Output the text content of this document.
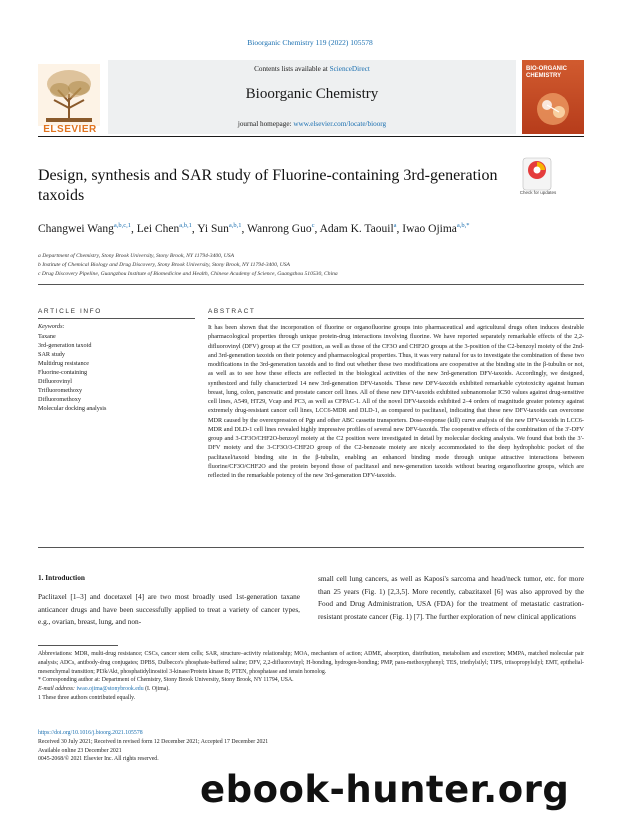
Bioorganic Chemistry 119 (2022) 105578
ELSEVIER
Contents lists available at ScienceDirect
Bioorganic Chemistry
journal homepage: www.elsevier.com/locate/bioorg
BIO-ORGANIC CHEMISTRY
Design, synthesis and SAR study of Fluorine-containing 3rd-generation taxoids	Check for updates
Changwei Wang$^{a,b,c,1}$, Lei Chen$^{a,b,1}$, Yi Sun$^{a,b,1}$, Wanrong Guo$^c$, Adam K. Taouil$^a$, Iwao Ojima$^{a,b,*}$
a Department of Chemistry, Stony Brook University, Stony Brook, NY 11794-3400, USA
b Institute of Chemical Biology and Drug Discovery, Stony Brook University, Stony Brook, NY 11794-3400, USA
c Drug Discovery Pipeline, Guangzhou Institute of Biomedicine and Health, Chinese Academy of Science, Guangzhou 510530, China
ARTICLE INFO	ABSTRACT
Keywords:
Taxane
3rd-generation taxoid
SAR study
Multidrug resistance
Fluorine-containing
Difluorovinyl
Trifluoromethoxy
Difluoromethoxy
Molecular docking analysis
It has been shown that the incorporation of fluorine or organofluorine groups into pharmaceutical and agricultural drugs often induces desirable pharmacological properties through unique protein-drug interactions involving fluorine. We have reported separately remarkable effects of the 2,2-difluorovinyl (DFV) group at the C3′ position, as well as those of the CF3O and CHF2O groups at the 3-position of the C2-benzoyl moiety of the 2nd- and 3rd-generation taxoids on their potency and pharmacological properties. Thus, it was very natural for us to investigate the combination of these two modifications in the 3rd-generation taxoids and to find out whether these two modifications are cooperative at the binding site in the β-tubulin or not, as well as to see how these effects are reflected in the biological activities of the new 3rd-generation DFV-taxoids. Accordingly, we designed, synthesized and fully characterized 14 new 3rd-generation DFV-taxoids. These new DFV-taxoids exhibited remarkable cytotoxicity against human breast, lung, colon, pancreatic and prostate cancer cell lines. All of these new DFV-taxoids exhibited subnanomolar IC50 values against drug-sensitive cell lines, A549, HT29, Vcap and PC3, as well as CFPAC-1. All of the novel DFV-taxoids exhibited 2–4 orders of magnitude greater potency against extremely drug-resistant cancer cell lines, LCC6-MDR and DLD-1, as compared to paclitaxel, indicating that these new DFV-taxoids can overcome MDR caused by the overexpression of Pgp and other ABC cassette transporters. Dose-response (kill) curve analysis of the new DFV-taxoids in LCC6-MDR and DLD-1 cell lines revealed highly impressive profiles of several new DFV-taxoids. The cooperative effects of the combination of the 3′-DFV group and 3-CF3O/CHF2O-benzoyl moiety at the C2 position were investigated in detail by molecular docking analysis. We found that both the 3′-DFV moiety and the 3-CF3O/3-CHF2O group of the C2-benzoate moiety are nicely accommodated to the deep hydrophobic pocket of the paclitaxel/taxoid binding site in the β-tubulin, enabling an enhanced binding mode through unique attractive interactions between fluorine/CF3O/CHF2O and the protein beyond those of paclitaxel and new-generation taxoids without bearing organofluorine groups, which are reflected in the remarkable potency of the new 3rd-generation DFV-taxoids.
1. Introduction
Paclitaxel [1–3] and docetaxel [4] are two most broadly used 1st-generation taxane anticancer drugs and have been successfully applied to treat a variety of cancer types, e.g., ovarian, breast, lung, and non-
small cell lung cancers, as well as Kaposi's sarcoma and head/neck tumor, etc. for more than 25 years (Fig. 1) [2,3,5]. More recently, cabazitaxel [6] was also approved by the Food and Drug Administration, USA (FDA) for the treatment of metastatic castration-resistant prostate cancer (Fig. 1) [7]. The further exploration of new clinical applications
Abbreviations: MDR, multi-drug resistance; CSCs, cancer stem cells; SAR, structure–activity relationship; MOA, mechanism of action; ADME, absorption, distribution, metabolism and excretion; MMPA, matched molecular pair analysis; ADCs, antibody-drug conjugates; DPBS, Dulbecco's phosphate-buffered saline; DFV, 2,2-difluorovinyl; H-bonding, hydrogen-bonding; PMP, para-methoxyphenyl; TES, triethylsilyl; TIPS, triisopropylsilyl; EMT, epithelial-mesenchymal transition; PI3k/Akt, phosphatidylinositol 3-kinase/Protein kinase B; PTEN, phosphatase and tensin homolog.
* Corresponding author at: Department of Chemistry, Stony Brook University, Stony Brook, NY 11794, USA.
E-mail address: iwao.ojima@stonybrook.edu (I. Ojima).
1 These three authors contributed equally.
https://doi.org/10.1016/j.bioorg.2021.105578
Received 30 July 2021; Received in revised form 12 December 2021; Accepted 17 December 2021
Available online 23 December 2021
0045-2068/© 2021 Elsevier Inc. All rights reserved.
ebook-hunter.org
